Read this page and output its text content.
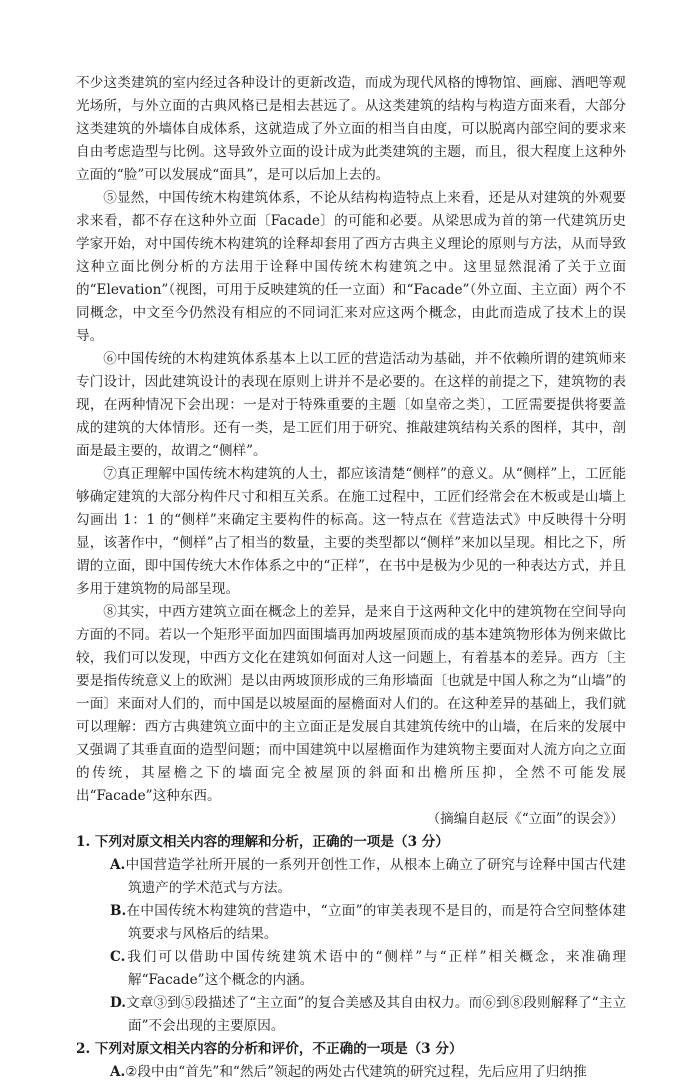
不少这类建筑的室内经过各种设计的更新改造，而成为现代风格的博物馆、画廊、酒吧等观光场所，与外立面的古典风格已是相去甚远了。从这类建筑的结构与构造方面来看，大部分这类建筑的外墙体自成体系，这就造成了外立面的相当自由度，可以脱离内部空间的要求来自由考虑造型与比例。这导致外立面的设计成为此类建筑的主题，而且，很大程度上这种外立面的“脸”可以发展成“面具”，是可以后加上去的。

⑤显然，中国传统木构建筑体系，不论从结构构造特点上来看，还是从对建筑的外观要求来看，都不存在这种外立面〔Facade〕的可能和必要。从梁思成为首的第一代建筑历史学家开始，对中国传统木构建筑的诠释却套用了西方古典主义理论的原则与方法，从而导致这种立面比例分析的方法用于诠释中国传统木构建筑之中。这里显然混淆了关于立面的“Elevation”（视图，可用于反映建筑的任一立面）和“Facade”（外立面、主立面）两个不同概念，中文至今仍然没有相应的不同词汇来对应这两个概念，由此而造成了技术上的误导。

⑥中国传统的木构建筑体系基本上以工匠的营造活动为基础，并不依赖所谓的建筑师来专门设计，因此建筑设计的表现在原则上讲并不是必要的。在这样的前提之下，建筑物的表现，在两种情况下会出现：一是对于特殊重要的主题〔如皇帝之类〕，工匠需要提供将要盖成的建筑的大体情形。还有一类，是工匠们用于研究、推敲建筑结构关系的图样，其中，剖面是最主要的，故谓之“侧样”。

⑦真正理解中国传统木构建筑的人士，都应该清楚“侧样”的意义。从“侧样”上，工匠能够确定建筑的大部分构件尺寸和相互关系。在施工过程中，工匠们经常会在木板或是山墙上勾画出 1：1 的“侧样”来确定主要构件的标高。这一特点在《营造法式》中反映得十分明显，该著作中，“侧样”占了相当的数量，主要的类型都以“侧样”来加以呈现。相比之下，所谓的立面，即中国传统大木作体系之中的“正样”，在书中是极为少见的一种表达方式，并且多用于建筑物的局部呈现。

⑧其实，中西方建筑立面在概念上的差异，是来自于这两种文化中的建筑物在空间导向方面的不同。若以一个矩形平面加四面围墙再加两坡屋顶而成的基本建筑物形体为例来做比较，我们可以发现，中西方文化在建筑如何面对人这一问题上，有着基本的差异。西方〔主要是指传统意义上的欧洲〕是以由两坡顶形成的三角形墙面〔也就是中国人称之为“山墙”的一面〕来面对人们的，而中国是以坡屋面的屋檐面对人们的。在这种差异的基础上，我们就可以理解：西方古典建筑立面中的主立面正是发展自其建筑传统中的山墙，在后来的发展中又强调了其垂直面的造型问题；而中国建筑中以屋檐面作为建筑物主要面对人流方向之立面的传统，其屋檐之下的墙面完全被屋顶的斜面和出檐所压抑，全然不可能发展出“Facade”这种东西。

（摘编自赵辰《“立面”的误会》）

1. 下列对原文相关内容的理解和分析，正确的一项是（3 分）

A.中国营造学社所开展的一系列开创性工作，从根本上确立了研究与诠释中国古代建筑遗产的学术范式与方法。

B.在中国传统木构建筑的营造中，“立面”的审美表现不是目的，而是符合空间整体建筑要求与风格后的结果。

C.我们可以借助中国传统建筑术语中的“侧样”与“正样”相关概念，来准确理解“Facade”这个概念的内涵。

D.文章③到⑤段描述了“主立面”的复合美感及其自由权力。而⑥到⑧段则解释了“主立面”不会出现的主要原因。

2. 下列对原文相关内容的分析和评价，不正确的一项是（3 分）

A.②段中由“首先”和“然后”领起的两处古代建筑的研究过程，先后应用了归纳推
